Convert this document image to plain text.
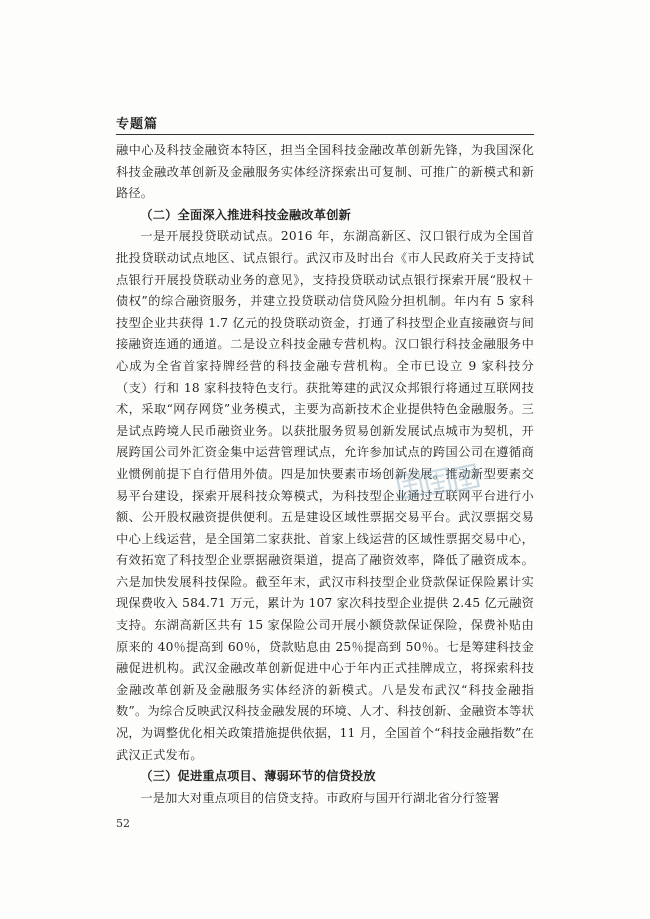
专题篇

融中心及科技金融资本特区，担当全国科技金融改革创新先锋，为我国深化科技金融改革创新及金融服务实体经济探索出可复制、可推广的新模式和新路径。

（二）全面深入推进科技金融改革创新

一是开展投贷联动试点。2016 年，东湖高新区、汉口银行成为全国首批投贷联动试点地区、试点银行。武汉市及时出台《市人民政府关于支持试点银行开展投贷联动业务的意见》，支持投贷联动试点银行探索开展“股权＋债权”的综合融资服务，并建立投贷联动信贷风险分担机制。年内有 5 家科技型企业共获得 1.7 亿元的投贷联动资金，打通了科技型企业直接融资与间接融资连通的通道。二是设立科技金融专营机构。汉口银行科技金融服务中心成为全省首家持牌经营的科技金融专营机构。全市已设立 9 家科技分（支）行和 18 家科技特色支行。获批筹建的武汉众邦银行将通过互联网技术，采取“网存网贷”业务模式，主要为高新技术企业提供特色金融服务。三是试点跨境人民币融资业务。以获批服务贸易创新发展试点城市为契机，开展跨国公司外汇资金集中运营管理试点，允许参加试点的跨国公司在遵循商业惯例前提下自行借用外债。四是加快要素市场创新发展。推动新型要素交易平台建设，探索开展科技众筹模式，为科技型企业通过互联网平台进行小额、公开股权融资提供便利。五是建设区域性票据交易平台。武汉票据交易中心上线运营，是全国第二家获批、首家上线运营的区域性票据交易中心，有效拓宽了科技型企业票据融资渠道，提高了融资效率，降低了融资成本。六是加快发展科技保险。截至年末，武汉市科技型企业贷款保证保险累计实现保费收入 584.71 万元，累计为 107 家次科技型企业提供 2.45 亿元融资支持。东湖高新区共有 15 家保险公司开展小额贷款保证保险，保费补贴由原来的 40％提高到 60％，贷款贴息由 25％提高到 50％。七是筹建科技金融促进机构。武汉金融改革创新促进中心于年内正式挂牌成立，将探索科技金融改革创新及金融服务实体经济的新模式。八是发布武汉“科技金融指数”。为综合反映武汉科技金融发展的环境、人才、科技创新、金融资本等状况，为调整优化相关政策措施提供依据，11 月，全国首个“科技金融指数”在武汉正式发布。

（三）促进重点项目、薄弱环节的信贷投放

一是加大对重点项目的信贷支持。市政府与国开行湖北省分行签署

52
